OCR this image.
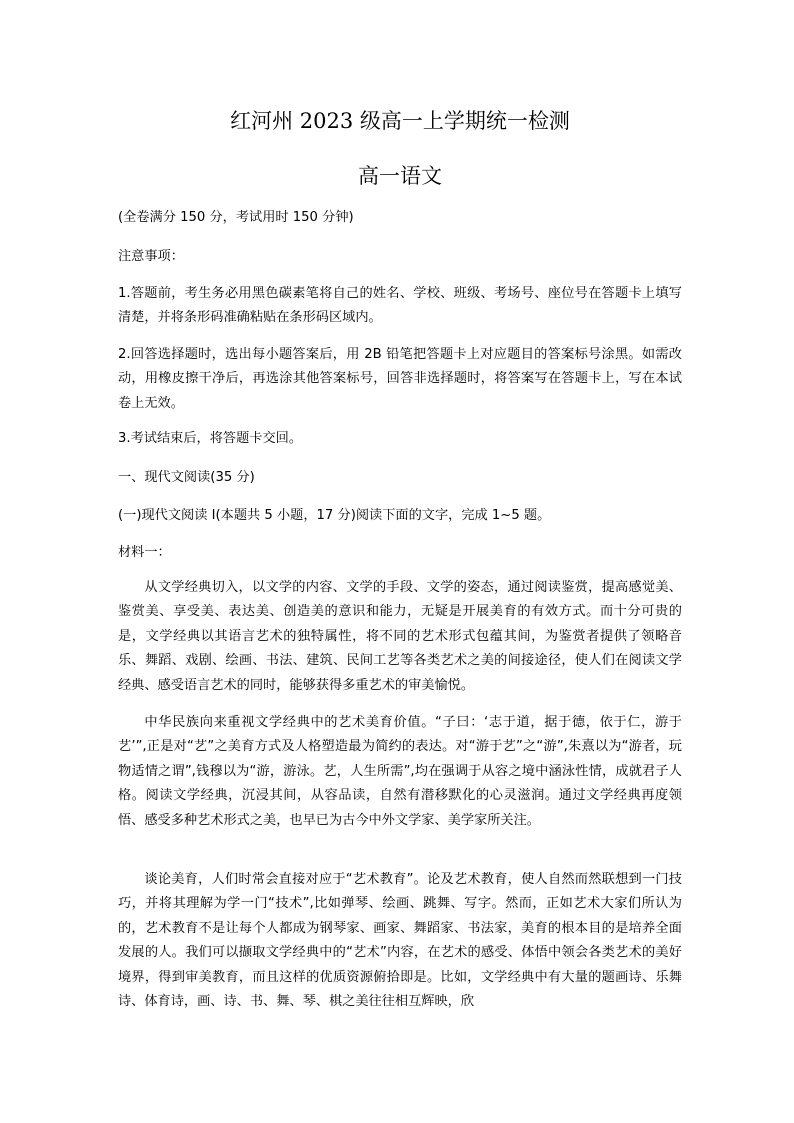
红河州 2023 级高一上学期统一检测
高一语文
(全卷满分 150 分，考试用时 150 分钟)
注意事项：
1.答题前，考生务必用黑色碳素笔将自己的姓名、学校、班级、考场号、座位号在答题卡上填写清楚，并将条形码准确粘贴在条形码区域内。
2.回答选择题时，选出每小题答案后，用 2B 铅笔把答题卡上对应题目的答案标号涂黑。如需改动，用橡皮擦干净后，再选涂其他答案标号，回答非选择题时，将答案写在答题卡上，写在本试卷上无效。
3.考试结束后，将答题卡交回。
一、现代文阅读(35 分)
(一)现代文阅读 I(本题共 5 小题，17 分)阅读下面的文字，完成 1~5 题。
材料一：
从文学经典切入，以文学的内容、文学的手段、文学的姿态，通过阅读鉴赏，提高感觉美、鉴赏美、享受美、表达美、创造美的意识和能力，无疑是开展美育的有效方式。而十分可贵的是，文学经典以其语言艺术的独特属性，将不同的艺术形式包蕴其间，为鉴赏者提供了领略音乐、舞蹈、戏剧、绘画、书法、建筑、民间工艺等各类艺术之美的间接途径，使人们在阅读文学经典、感受语言艺术的同时，能够获得多重艺术的审美愉悦。
中华民族向来重视文学经典中的艺术美育价值。“子曰：‘志于道，据于德，依于仁，游于艺’”,正是对“艺”之美育方式及人格塑造最为简约的表达。对“游于艺”之“游”,朱熹以为“游者，玩物适情之谓”,钱穆以为“游，游泳。艺，人生所需”,均在强调于从容之境中涵泳性情，成就君子人格。阅读文学经典，沉浸其间，从容品读，自然有潜移默化的心灵滋润。通过文学经典再度领悟、感受多种艺术形式之美，也早已为古今中外文学家、美学家所关注。
谈论美育，人们时常会直接对应于“艺术教育”。论及艺术教育，使人自然而然联想到一门技巧，并将其理解为学一门“技术”,比如弹琴、绘画、跳舞、写字。然而，正如艺术大家们所认为的，艺术教育不是让每个人都成为钢琴家、画家、舞蹈家、书法家，美育的根本目的是培养全面发展的人。我们可以撷取文学经典中的“艺术”内容，在艺术的感受、体悟中领会各类艺术的美好境界，得到审美教育，而且这样的优质资源俯拾即是。比如，文学经典中有大量的题画诗、乐舞诗、体育诗，画、诗、书、舞、琴、棋之美往往相互辉映，欣
